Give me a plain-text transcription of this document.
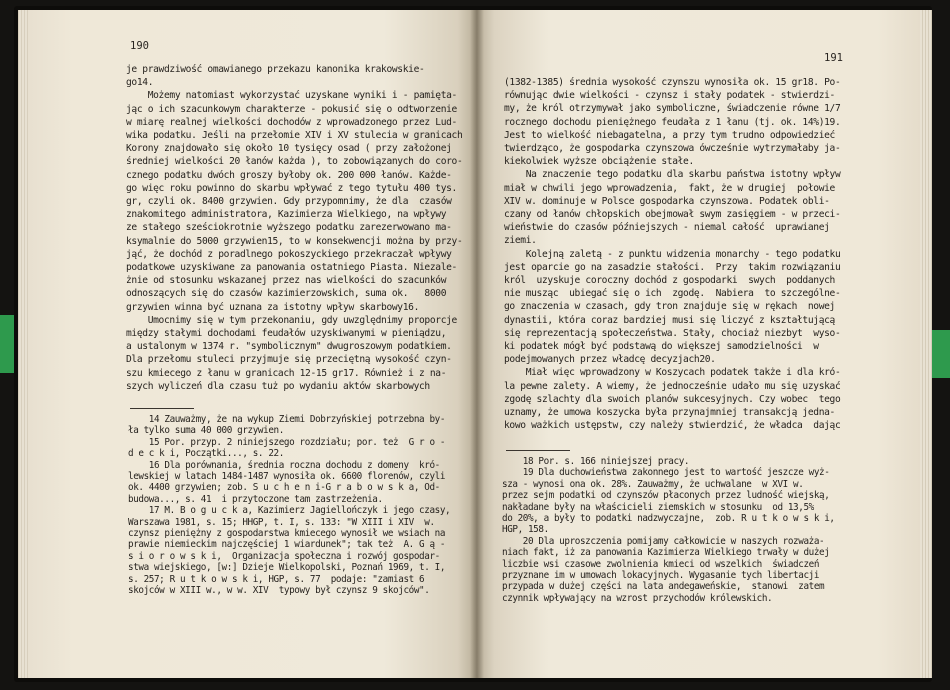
190
je prawdziwość omawianego przekazu kanonika krakowskie-
go14.
Możemy natomiast wykorzystać uzyskane wyniki i - pamięta-
jąc o ich szacunkowym charakterze - pokusić się o odtworzenie
w miarę realnej wielkości dochodów z wprowadzonego przez Lud-
wika podatku. Jeśli na przełomie XIV i XV stulecia w granicach
Korony znajdowało się około 10 tysięcy osad ( przy założonej
średniej wielkości 20 łanów każda ), to zobowiązanych do coro-
cznego podatku dwóch groszy byłoby ok. 200 000 łanów. Każde-
go więc roku powinno do skarbu wpływać z tego tytułu 400 tys.
gr, czyli ok. 8400 grzywien. Gdy przypomnimy, że dla  czasów
znakomitego administratora, Kazimierza Wielkiego, na wpływy
ze stałego sześciokrotnie wyższego podatku zarezerwowano ma-
ksymalnie do 5000 grzywien15, to w konsekwencji można by przy-
jąć, że dochód z poradlnego pokoszyckiego przekraczał wpływy
podatkowe uzyskiwane za panowania ostatniego Piasta. Niezale-
żnie od stosunku wskazanej przez nas wielkości do szacunków
odnoszących się do czasów kazimierzowskich, suma ok.   8000
grzywien winna być uznana za istotny wpływ skarbowy16.
Umocnimy się w tym przekonaniu, gdy uwzględnimy proporcje
między stałymi dochodami feudałów uzyskiwanymi w pieniądzu,
a ustalonym w 1374 r. "symbolicznym" dwugroszowym podatkiem.
Dla przełomu stuleci przyjmuje się przeciętną wysokość czyn-
szu kmiecego z łanu w granicach 12-15 gr17. Również i z na-
szych wyliczeń dla czasu tuż po wydaniu aktów skarbowych
14 Zauważmy, że na wykup Ziemi Dobrzyńskiej potrzebna by-
ła tylko suma 40 000 grzywien.
15 Por. przyp. 2 niniejszego rozdziału; por. też  G r o -
d e c k i, Początki..., s. 22.
16 Dla porównania, średnia roczna dochodu z domeny  kró-
lewskiej w latach 1484-1487 wynosiła ok. 6600 florenów, czyli
ok. 4400 grzywien; zob. S u c h e n i-G r a b o w s k a, Od-
budowa..., s. 41  i przytoczone tam zastrzeżenia.
17 M. B o g u c k a, Kazimierz Jagiellończyk i jego czasy,
Warszawa 1981, s. 15; HHGP, t. I, s. 133: "W XIII i XIV  w.
czynsz pieniężny z gospodarstwa kmiecego wynosił we wsiach na
prawie niemieckim najczęściej 1 wiardunek"; tak też  A. G ą -
s i o r o w s k i,  Organizacja społeczna i rozwój gospodar-
stwa wiejskiego, [w:] Dzieje Wielkopolski, Poznań 1969, t. I,
s. 257; R u t k o w s k i, HGP, s. 77  podaje: "zamiast 6
skojców w XIII w., w w. XIV  typowy był czynsz 9 skojców".
191
(1382-1385) średnia wysokość czynszu wynosiła ok. 15 gr18. Po-
równując dwie wielkości - czynsz i stały podatek - stwierdzi-
my, że król otrzymywał jako symboliczne, świadczenie równe 1/7
rocznego dochodu pieniężnego feudała z 1 łanu (tj. ok. 14%)19.
Jest to wielkość niebagatelna, a przy tym trudno odpowiedzieć
twierdząco, że gospodarka czynszowa ówcześnie wytrzymałaby ja-
kiekolwiek wyższe obciążenie stałe.
Na znaczenie tego podatku dla skarbu państwa istotny wpływ
miał w chwili jego wprowadzenia,  fakt, że w drugiej  połowie
XIV w. dominuje w Polsce gospodarka czynszowa. Podatek obli-
czany od łanów chłopskich obejmował swym zasięgiem - w przeci-
wieństwie do czasów późniejszych - niemal całość  uprawianej
ziemi.
Kolejną zaletą - z punktu widzenia monarchy - tego podatku
jest oparcie go na zasadzie stałości.  Przy  takim rozwiązaniu
król  uzyskuje coroczny dochód z gospodarki  swych  poddanych
nie musząc  ubiegać się o ich  zgodę.  Nabiera  to szczególne-
go znaczenia w czasach, gdy tron znajduje się w rękach  nowej
dynastii, która coraz bardziej musi się liczyć z kształtującą
się reprezentacją społeczeństwa. Stały, chociaż niezbyt  wyso-
ki podatek mógł być podstawą do większej samodzielności  w
podejmowanych przez władcę decyzjach20.
Miał więc wprowadzony w Koszycach podatek także i dla kró-
la pewne zalety. A wiemy, że jednocześnie udało mu się uzyskać
zgodę szlachty dla swoich planów sukcesyjnych. Czy wobec  tego
uznamy, że umowa koszycka była przynajmniej transakcją jedna-
kowo ważkich ustępstw, czy należy stwierdzić, że władca  dając
18 Por. s. 166 niniejszej pracy.
19 Dla duchowieństwa zakonnego jest to wartość jeszcze wyż-
sza - wynosi ona ok. 28%. Zauważmy, że uchwalane  w XVI w.
przez sejm podatki od czynszów płaconych przez ludność wiejską,
nakładane były na właścicieli ziemskich w stosunku  od 13,5%
do 20%, a były to podatki nadzwyczajne,  zob. R u t k o w s k i,
HGP, 158.
20 Dla uproszczenia pomijamy całkowicie w naszych rozważa-
niach fakt, iż za panowania Kazimierza Wielkiego trwały w dużej
liczbie wsi czasowe zwolnienia kmieci od wszelkich  świadczeń
przyznane im w umowach lokacyjnych. Wygasanie tych libertacji
przypada w dużej części na lata andegaweńskie,  stanowi  zatem
czynnik wpływający na wzrost przychodów królewskich.
